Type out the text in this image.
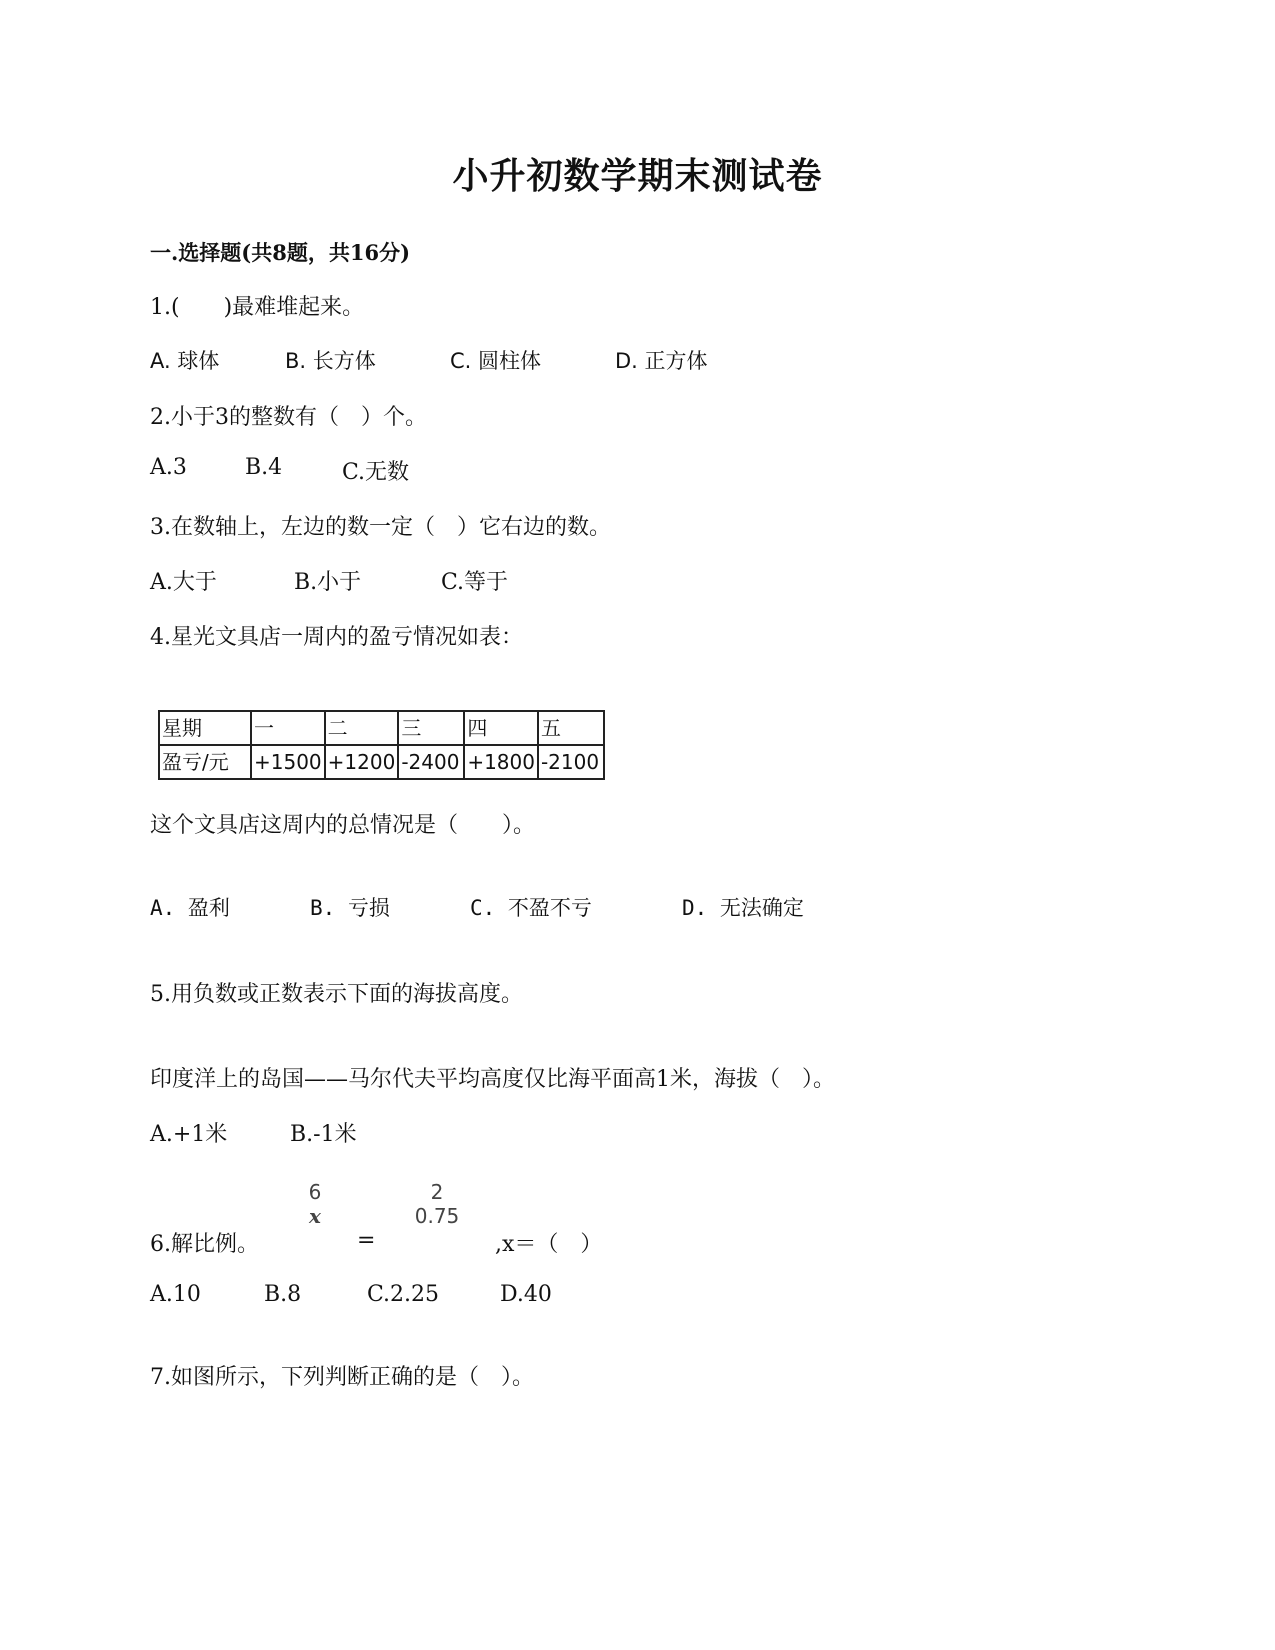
小升初数学期末测试卷
一.选择题(共8题，共16分)
1.(　　)最难堆起来。
A. 球体	B. 长方体	C. 圆柱体	D. 正方体
2.小于3的整数有（　）个。
A.3	B.4	C.无数
3.在数轴上，左边的数一定（　）它右边的数。
A.大于	B.小于	C.等于
4.星光文具店一周内的盈亏情况如表：
星期	一	二	三	四	五
盈亏/元	+1500	+1200	-2400	+1800	-2100
这个文具店这周内的总情况是（　　）。
A. 盈利	B. 亏损	C. 不盈不亏	D. 无法确定
5.用负数或正数表示下面的海拔高度。
印度洋上的岛国——马尔代夫平均高度仅比海平面高1米，海拔（　）。
A.+1米	B.-1米
6.解比例。
6
x
=
2
0.75
,x＝（　）
A.10	B.8	C.2.25	D.40
7.如图所示，下列判断正确的是（　）。
